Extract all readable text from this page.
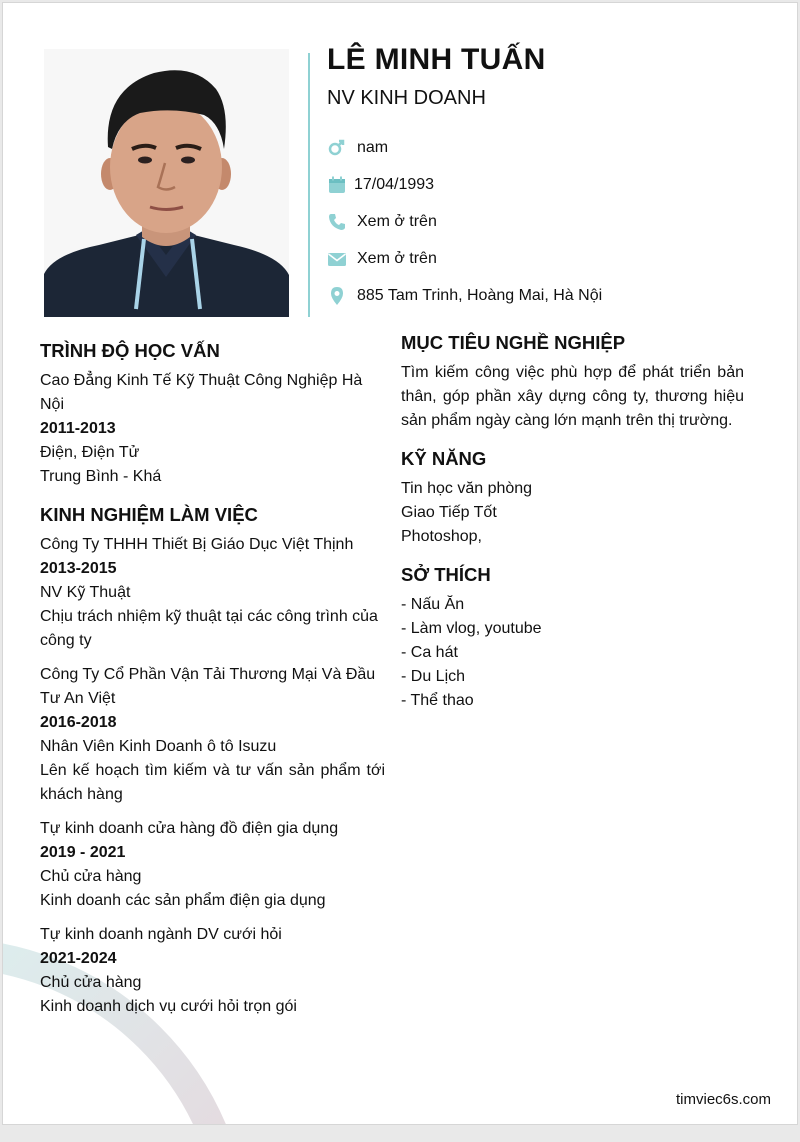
LÊ MINH TUẤN
NV KINH DOANH
nam
17/04/1993
Xem ở trên
Xem ở trên
885 Tam Trinh, Hoàng Mai, Hà Nội
TRÌNH ĐỘ HỌC VẤN
Cao Đẳng Kinh Tế Kỹ Thuật Công Nghiệp Hà Nội
2011-2013
Điện, Điện Tử
Trung Bình - Khá
KINH NGHIỆM LÀM VIỆC
Công Ty THHH Thiết Bị Giáo Dục Việt Thịnh
2013-2015
NV Kỹ Thuật
Chịu trách nhiệm kỹ thuật tại các công trình của công ty
Công Ty Cổ Phần Vận Tải Thương Mại Và Đầu Tư An Việt
2016-2018
Nhân Viên Kinh Doanh ô tô Isuzu
Lên kế hoạch tìm kiếm và tư vấn sản phẩm tới khách hàng
Tự kinh doanh cửa hàng đồ điện gia dụng
2019 - 2021
Chủ cửa hàng
Kinh doanh các sản phẩm điện gia dụng
Tự kinh doanh ngành DV cưới hỏi
2021-2024
Chủ cửa hàng
Kinh doanh dịch vụ cưới hỏi trọn gói
MỤC TIÊU NGHỀ NGHIỆP
Tìm kiếm công việc phù hợp để phát triển bản thân, góp phần xây dựng công ty, thương hiệu sản phẩm ngày càng lớn mạnh trên thị trường.
KỸ NĂNG
Tin học văn phòng
Giao Tiếp Tốt
Photoshop,
SỞ THÍCH
- Nấu Ăn
- Làm vlog, youtube
- Ca hát
- Du Lịch
- Thể thao
timviec6s.com
